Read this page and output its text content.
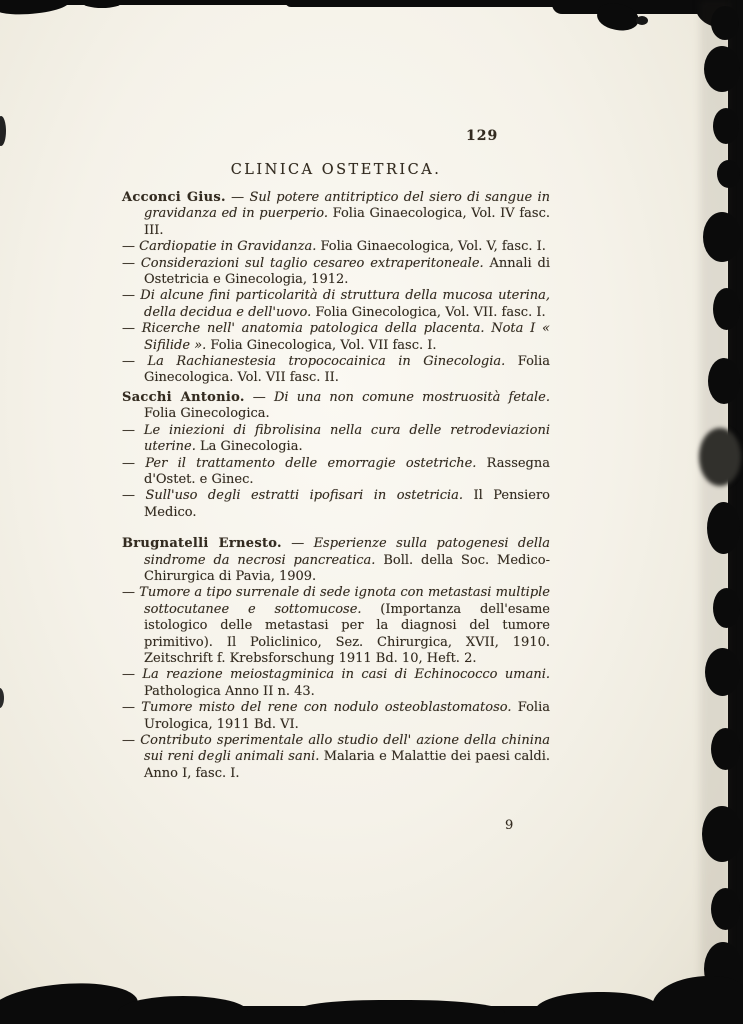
129
CLINICA OSTETRICA.

Acconci Gius. — Sul potere antitriptico del siero di sangue in gravidanza ed in puerperio. Folia Ginaecologica, Vol. IV fasc. III.

— Cardiopatie in Gravidanza. Folia Ginaecologica, Vol. V, fasc. I.

— Considerazioni sul taglio cesareo extraperitoneale. Annali di Ostetricia e Ginecologia, 1912.

— Di alcune fini particolarità di struttura della mucosa uterina, della decidua e dell'uovo. Folia Ginecologica, Vol. VII. fasc. I.

— Ricerche nell' anatomia patologica della placenta. Nota I « Sifilide ». Folia Ginecologica, Vol. VII fasc. I.

— La Rachianestesia tropococainica in Ginecologia. Folia Ginecologica. Vol. VII fasc. II.

Sacchi Antonio. — Di una non comune mostruosità fetale. Folia Ginecologica.

— Le iniezioni di fibrolisina nella cura delle retrodeviazioni uterine. La Ginecologia.

— Per il trattamento delle emorragie ostetriche. Rassegna d'Ostet. e Ginec.

— Sull'uso degli estratti ipofisari in ostetricia. Il Pensiero Medico.

Brugnatelli Ernesto. — Esperienze sulla patogenesi della sindrome da necrosi pancreatica. Boll. della Soc. Medico-Chirurgica di Pavia, 1909.

— Tumore a tipo surrenale di sede ignota con metastasi multiple sottocutanee e sottomucose. (Importanza dell'esame istologico delle metastasi per la diagnosi del tumore primitivo). Il Policlinico, Sez. Chirurgica, XVII, 1910. Zeitschrift f. Krebsforschung 1911 Bd. 10, Heft. 2.

— La reazione meiostagminica in casi di Echinococco umani. Pathologica Anno II n. 43.

— Tumore misto del rene con nodulo osteoblastomatoso. Folia Urologica, 1911 Bd. VI.

— Contributo sperimentale allo studio dell' azione della chinina sui reni degli animali sani. Malaria e Malattie dei paesi caldi. Anno I, fasc. I.

9
